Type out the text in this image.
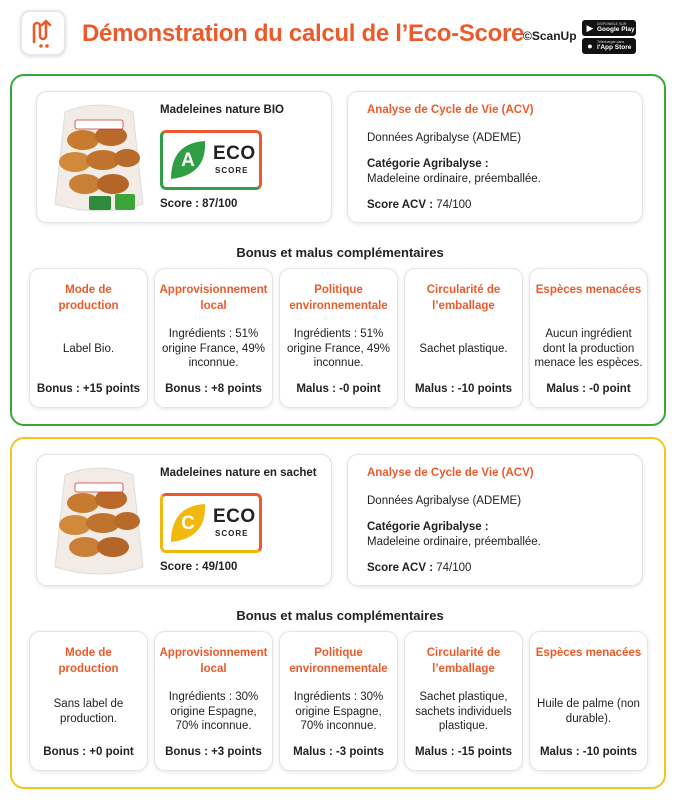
Démonstration du calcul de l’Eco-Score
©ScanUp
▶	DISPONIBLE SUR
Google Play
●	Télécharger dans
l'App Store
Madeleines nature BIO
A ECO
SCORE
Score : 87/100
Analyse de Cycle de Vie (ACV)
Données Agribalyse (ADEME)
Catégorie Agribalyse :
Madeleine ordinaire, préemballée.
Score ACV : 74/100
Bonus et malus complémentaires
Mode de production
Label Bio.
Bonus : +15 points
Approvisionnement local
Ingrédients : 51% origine France, 49% inconnue.
Bonus : +8 points
Politique environnementale
Ingrédients : 51% origine France, 49% inconnue.
Malus : -0 point
Circularité de l’emballage
Sachet plastique.
Malus : -10 points
Espèces menacées
Aucun ingrédient dont la production menace les espèces.
Malus : -0 point
Madeleines nature en sachet
C ECO
SCORE
Score : 49/100
Analyse de Cycle de Vie (ACV)
Données Agribalyse (ADEME)
Catégorie Agribalyse :
Madeleine ordinaire, préemballée.
Score ACV : 74/100
Bonus et malus complémentaires
Mode de production
Sans label de production.
Bonus : +0 point
Approvisionnement local
Ingrédients : 30% origine Espagne, 70% inconnue.
Bonus : +3 points
Politique environnementale
Ingrédients : 30% origine Espagne, 70% inconnue.
Malus : -3 points
Circularité de l’emballage
Sachet plastique, sachets individuels plastique.
Malus : -15 points
Espèces menacées
Huile de palme (non durable).
Malus : -10 points
